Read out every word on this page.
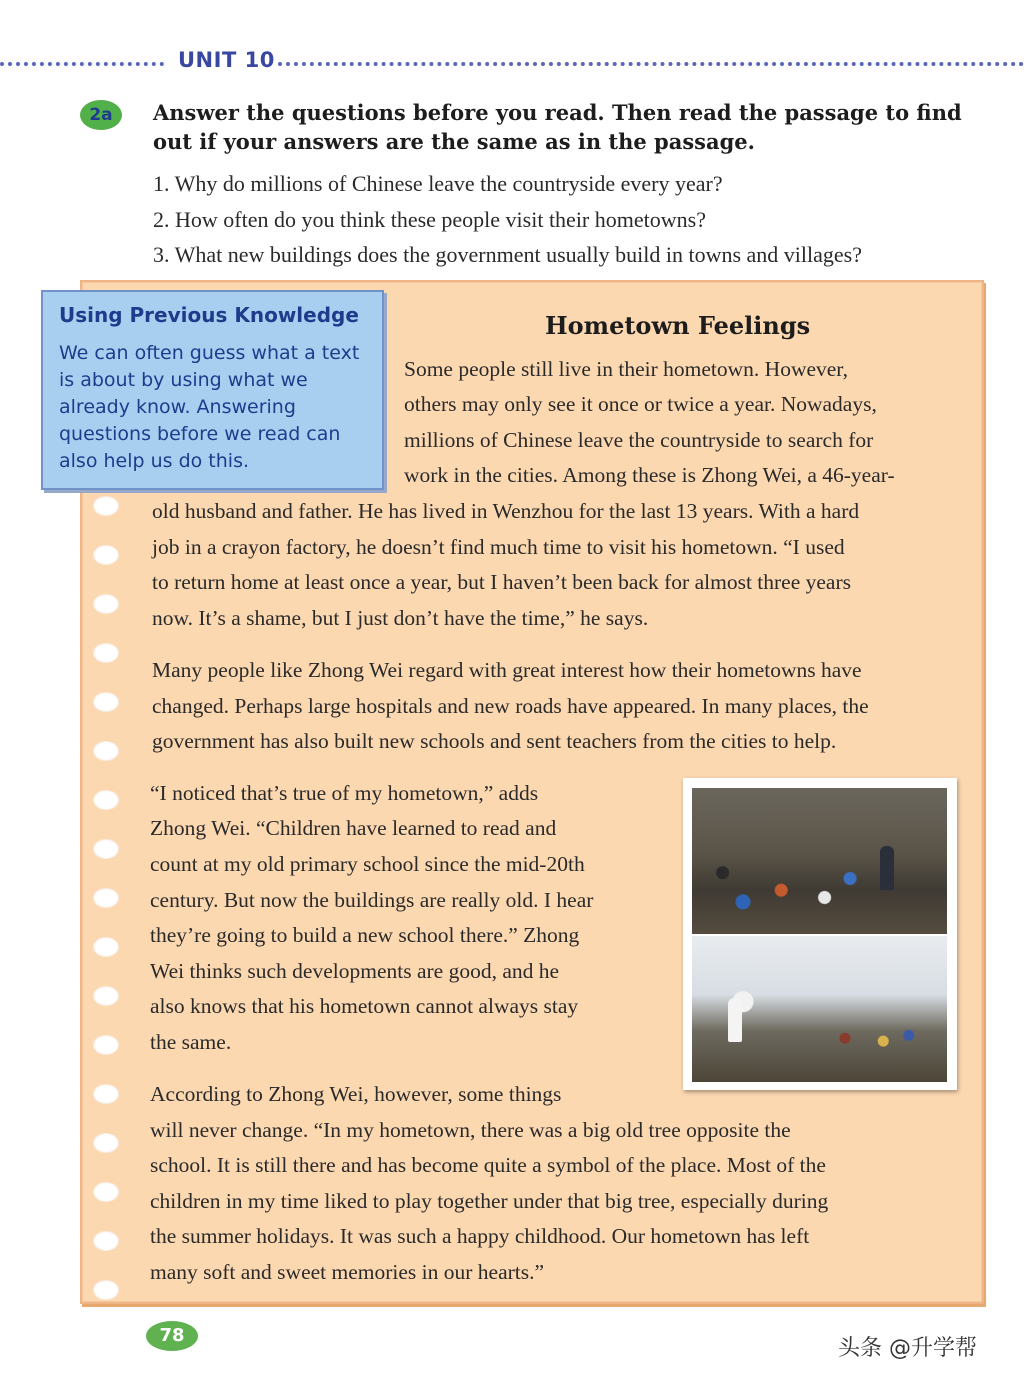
UNIT 10
2a	Answer the questions before you read. Then read the passage to find out if your answers are the same as in the passage.

1. Why do millions of Chinese leave the countryside every year?
2. How often do you think these people visit their hometowns?
3. What new buildings does the government usually build in towns and villages?
Using Previous Knowledge

We can often guess what a text is about by using what we already know. Answering questions before we read can also help us do this.

Hometown Feelings
Some people still live in their hometown. However,
others may only see it once or twice a year. Nowadays,
millions of Chinese leave the countryside to search for
work in the cities. Among these is Zhong Wei, a 46-year-
old husband and father. He has lived in Wenzhou for the last 13 years. With a hard
job in a crayon factory, he doesn’t find much time to visit his hometown. “I used
to return home at least once a year, but I haven’t been back for almost three years
now. It’s a shame, but I just don’t have the time,” he says.
Many people like Zhong Wei regard with great interest how their hometowns have
changed. Perhaps large hospitals and new roads have appeared. In many places, the
government has also built new schools and sent teachers from the cities to help.
“I noticed that’s true of my hometown,” adds
Zhong Wei. “Children have learned to read and
count at my old primary school since the mid-20th
century. But now the buildings are really old. I hear
they’re going to build a new school there.” Zhong
Wei thinks such developments are good, and he
also knows that his hometown cannot always stay
the same.
According to Zhong Wei, however, some things
will never change. “In my hometown, there was a big old tree opposite the
school. It is still there and has become quite a symbol of the place. Most of the
children in my time liked to play together under that big tree, especially during
the summer holidays. It was such a happy childhood. Our hometown has left
many soft and sweet memories in our hearts.”
78
头条 @升学帮
